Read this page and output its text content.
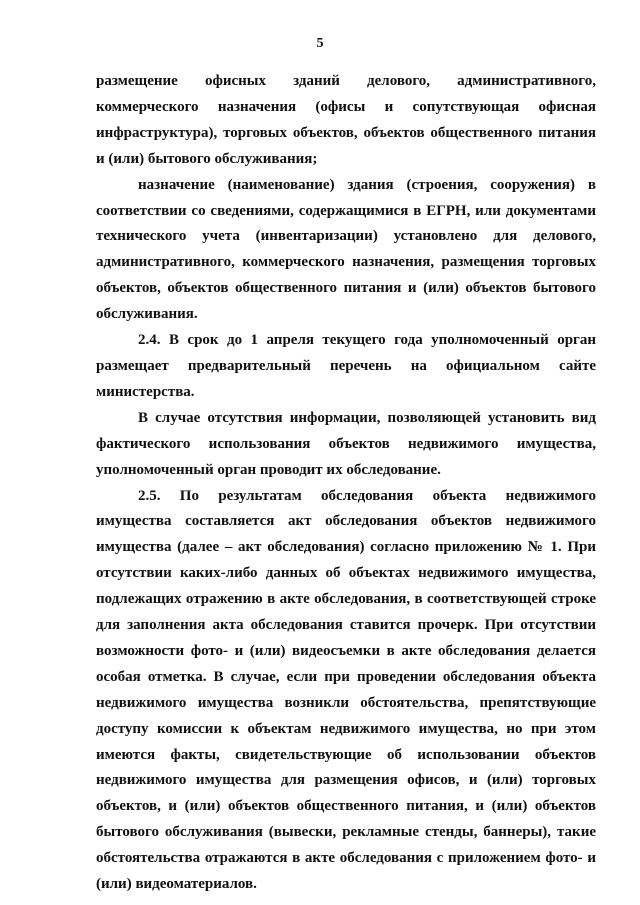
5

размещение офисных зданий делового, административного, коммерческого назначения (офисы и сопутствующая офисная инфраструктура), торговых объектов, объектов общественного питания и (или) бытового обслуживания;

назначение (наименование) здания (строения, сооружения) в соответствии со сведениями, содержащимися в ЕГРН, или документами технического учета (инвентаризации) установлено для делового, административного, коммерческого назначения, размещения торговых объектов, объектов общественного питания и (или) объектов бытового обслуживания.

2.4. В срок до 1 апреля текущего года уполномоченный орган размещает предварительный перечень на официальном сайте министерства.

В случае отсутствия информации, позволяющей установить вид фактического использования объектов недвижимого имущества, уполномоченный орган проводит их обследование.

2.5. По результатам обследования объекта недвижимого имущества составляется акт обследования объектов недвижимого имущества (далее – акт обследования) согласно приложению № 1. При отсутствии каких-либо данных об объектах недвижимого имущества, подлежащих отражению в акте обследования, в соответствующей строке для заполнения акта обследования ставится прочерк. При отсутствии возможности фото- и (или) видеосъемки в акте обследования делается особая отметка. В случае, если при проведении обследования объекта недвижимого имущества возникли обстоятельства, препятствующие доступу комиссии к объектам недвижимого имущества, но при этом имеются факты, свидетельствующие об использовании объектов недвижимого имущества для размещения офисов, и (или) торговых объектов, и (или) объектов общественного питания, и (или) объектов бытового обслуживания (вывески, рекламные стенды, баннеры), такие обстоятельства отражаются в акте обследования с приложением фото- и (или) видеоматериалов.
